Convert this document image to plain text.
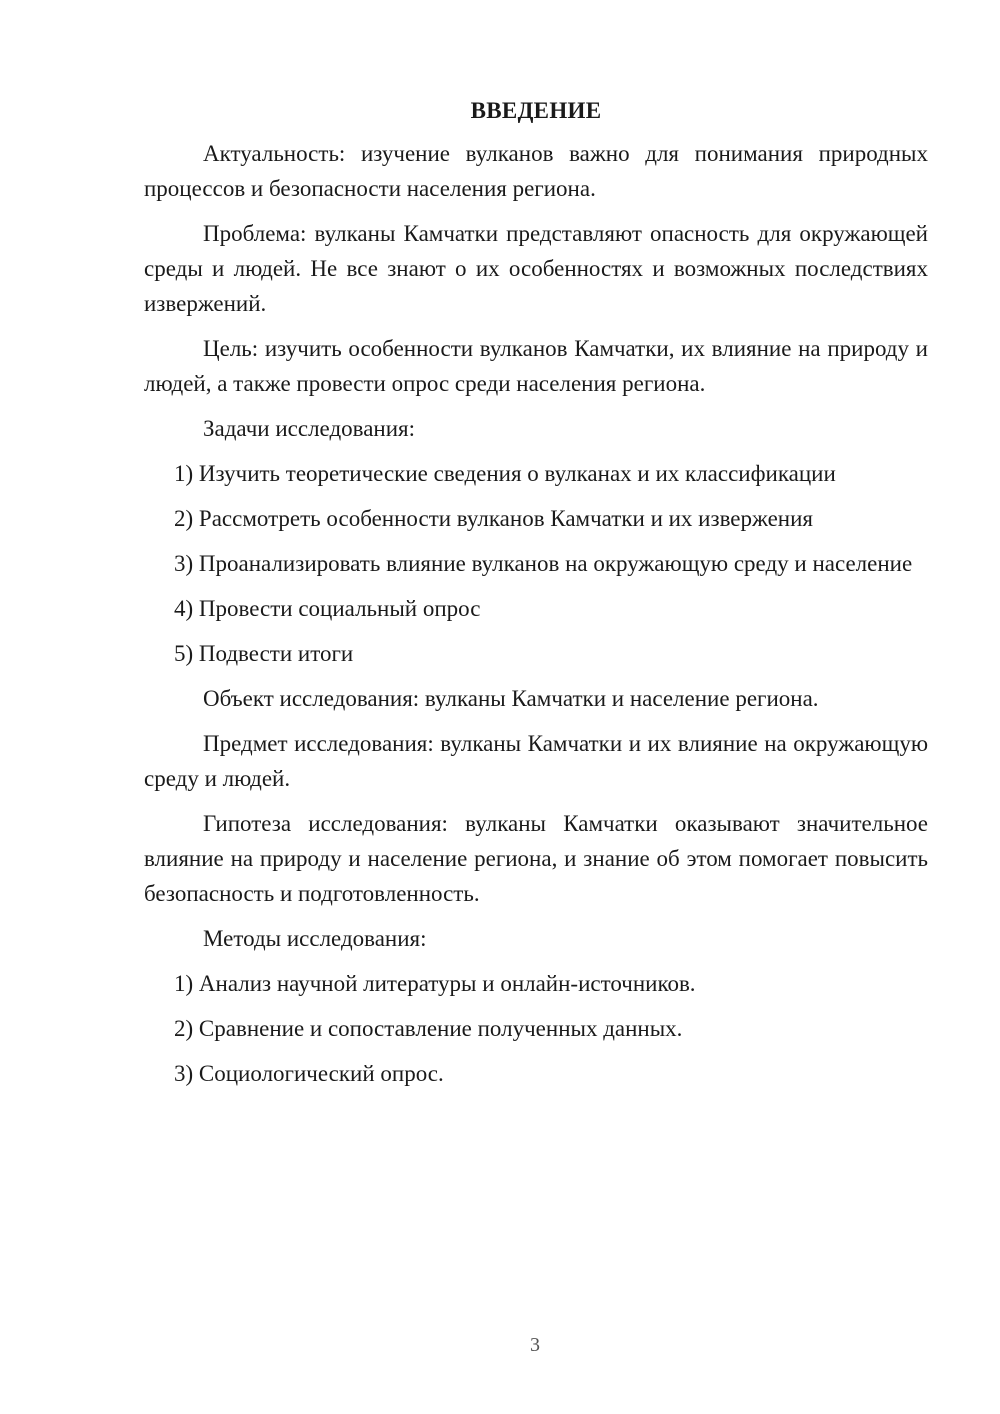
ВВЕДЕНИЕ

Актуальность: изучение вулканов важно для понимания природных процессов и безопасности населения региона.

Проблема: вулканы Камчатки представляют опасность для окружающей среды и людей. Не все знают о их особенностях и возможных последствиях извержений.

Цель: изучить особенности вулканов Камчатки, их влияние на природу и людей, а также провести опрос среди населения региона.

Задачи исследования:

1) Изучить теоретические сведения о вулканах и их классификации

2) Рассмотреть особенности вулканов Камчатки и их извержения

3) Проанализировать влияние вулканов на окружающую среду и население

4) Провести социальный опрос

5) Подвести итоги

Объект исследования: вулканы Камчатки и население региона.

Предмет исследования: вулканы Камчатки и их влияние на окружающую среду и людей.

Гипотеза исследования: вулканы Камчатки оказывают значительное влияние на природу и население региона, и знание об этом помогает повысить безопасность и подготовленность.

Методы исследования:

1) Анализ научной литературы и онлайн-источников.

2) Сравнение и сопоставление полученных данных.

3) Социологический опрос.

3
